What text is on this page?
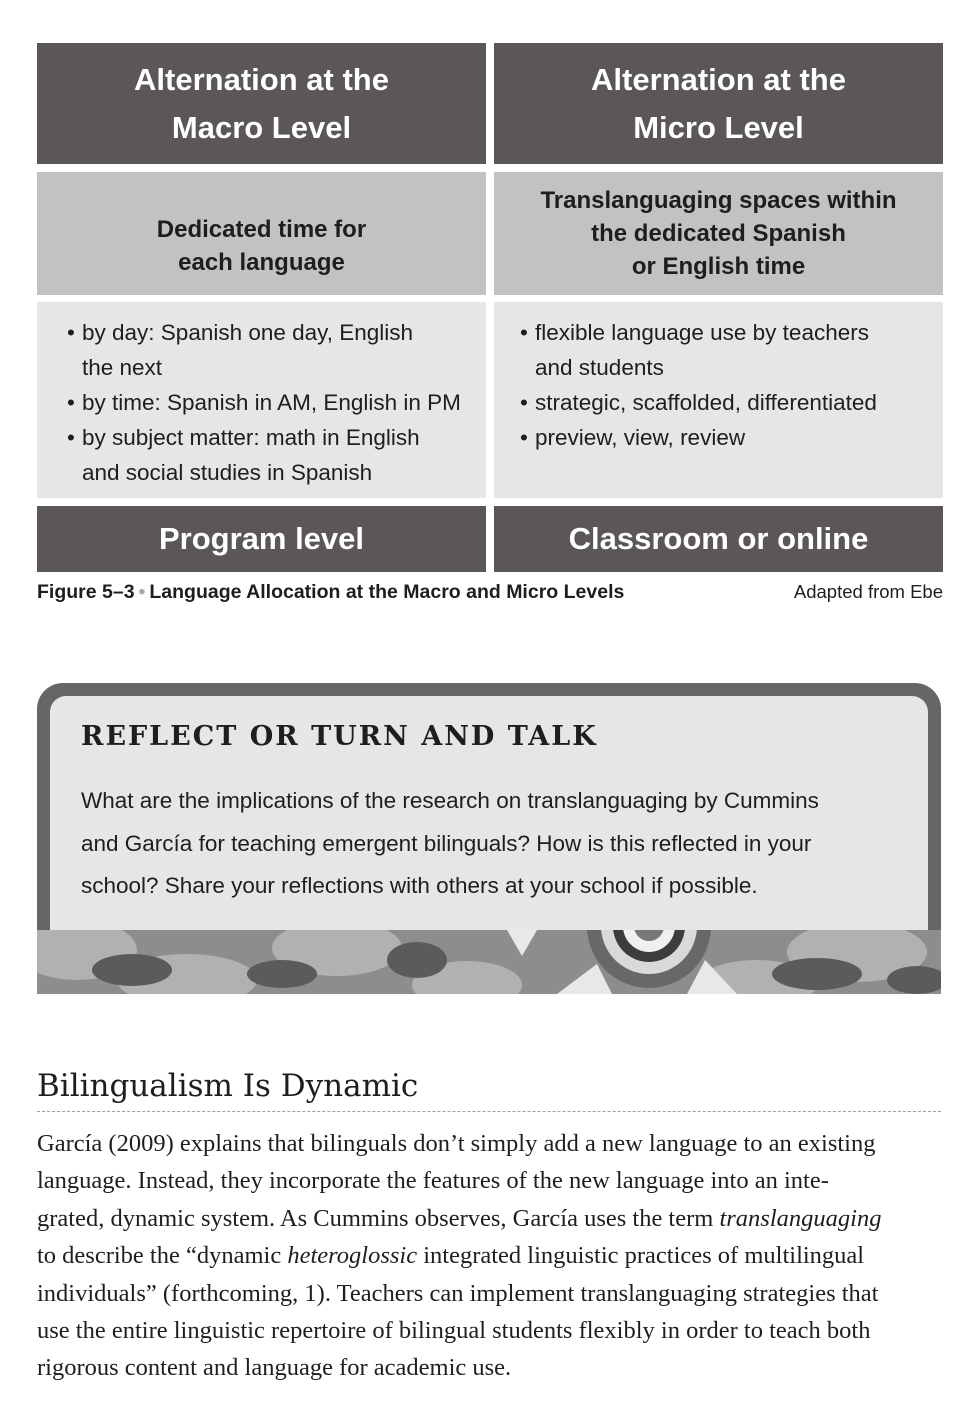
Alternation at the
Macro Level
Dedicated time for
each language
• by day: Spanish one day, English
the next
• by time: Spanish in AM, English in PM
• by subject matter: math in English
and social studies in Spanish
Program level
Alternation at the
Micro Level
Translanguaging spaces within
the dedicated Spanish
or English time
• flexible language use by teachers
and students
• strategic, scaffolded, differentiated
• preview, view, review
Classroom or online
Figure 5–3 • Language Allocation at the Macro and Micro Levels	Adapted from Ebe
REFLECT OR TURN AND TALK
What are the implications of the research on translanguaging by Cummins
and García for teaching emergent bilinguals? How is this reflected in your
school? Share your reflections with others at your school if possible.
Bilingualism Is Dynamic
García (2009) explains that bilinguals don’t simply add a new language to an existing
language. Instead, they incorporate the features of the new language into an inte-
grated, dynamic system. As Cummins observes, García uses the term translanguaging
to describe the “dynamic heteroglossic integrated linguistic practices of multilingual
individuals” (forthcoming, 1). Teachers can implement translanguaging strategies that
use the entire linguistic repertoire of bilingual students flexibly in order to teach both
rigorous content and language for academic use.
